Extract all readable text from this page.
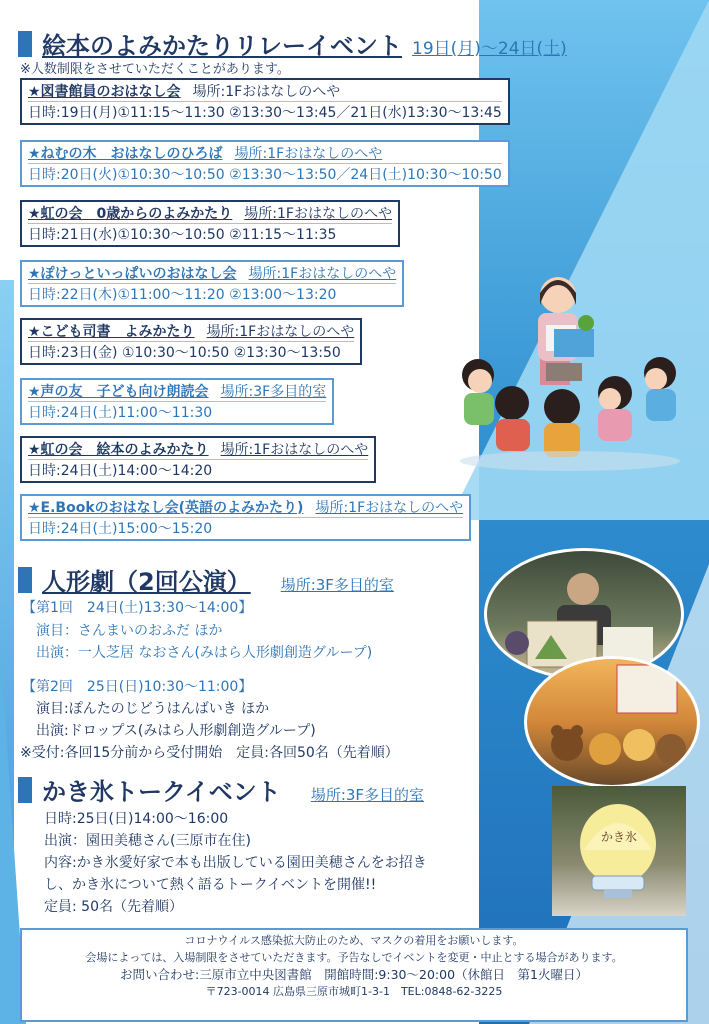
絵本のよみかたりリレーイベント 19日(月)～24日(土)
※人数制限をさせていただくことがあります。
★図書館員のおはなし会 場所:1Fおはなしのへや
日時:19日(月)①11:15～11:30 ②13:30～13:45／21日(水)13:30～13:45
★ねむの木　おはなしのひろば 場所:1Fおはなしのへや
日時:20日(火)①10:30～10:50 ②13:30～13:50／24日(土)10:30～10:50
★虹の会　0歳からのよみかたり 場所:1Fおはなしのへや
日時:21日(水)①10:30～10:50 ②11:15～11:35
★ぽけっといっぱいのおはなし会 場所:1Fおはなしのへや
日時:22日(木)①11:00～11:20 ②13:00～13:20
★こども司書　よみかたり 場所:1Fおはなしのへや
日時:23日(金) ①10:30～10:50 ②13:30～13:50
★声の友　子ども向け朗読会 場所:3F多目的室
日時:24日(土)11:00～11:30
★虹の会　絵本のよみかたり 場所:1Fおはなしのへや
日時:24日(土)14:00～14:20
★E.Bookのおはなし会(英語のよみかたり) 場所:1Fおはなしのへや
日時:24日(土)15:00～15:20
人形劇（2回公演） 場所:3F多目的室
【第1回　24日(土)13:30～14:00】
演目：さんまいのおふだ ほか
出演：一人芝居 なおさん(みはら人形劇創造グループ)
【第2回　25日(日)10:30～11:00】
演目:ぽんたのじどうはんばいき ほか
出演:ドロップス(みはら人形劇創造グループ)
※受付:各回15分前から受付開始　定員:各回50名（先着順）
かき氷トークイベント 場所:3F多目的室
日時:25日(日)14:00～16:00
出演：園田美穂さん(三原市在住)
内容:かき氷愛好家で本も出版している園田美穂さんをお招き
し、かき氷について熱く語るトークイベントを開催!!
定員: 50名（先着順）
かき氷
コロナウイルス感染拡大防止のため、マスクの着用をお願いします。
会場によっては、入場制限をさせていただきます。予告なしでイベントを変更・中止とする場合があります。
お問い合わせ:三原市立中央図書館　開館時間:9:30～20:00（休館日　第1火曜日）
〒723-0014 広島県三原市城町1-3-1　TEL:0848-62-3225
